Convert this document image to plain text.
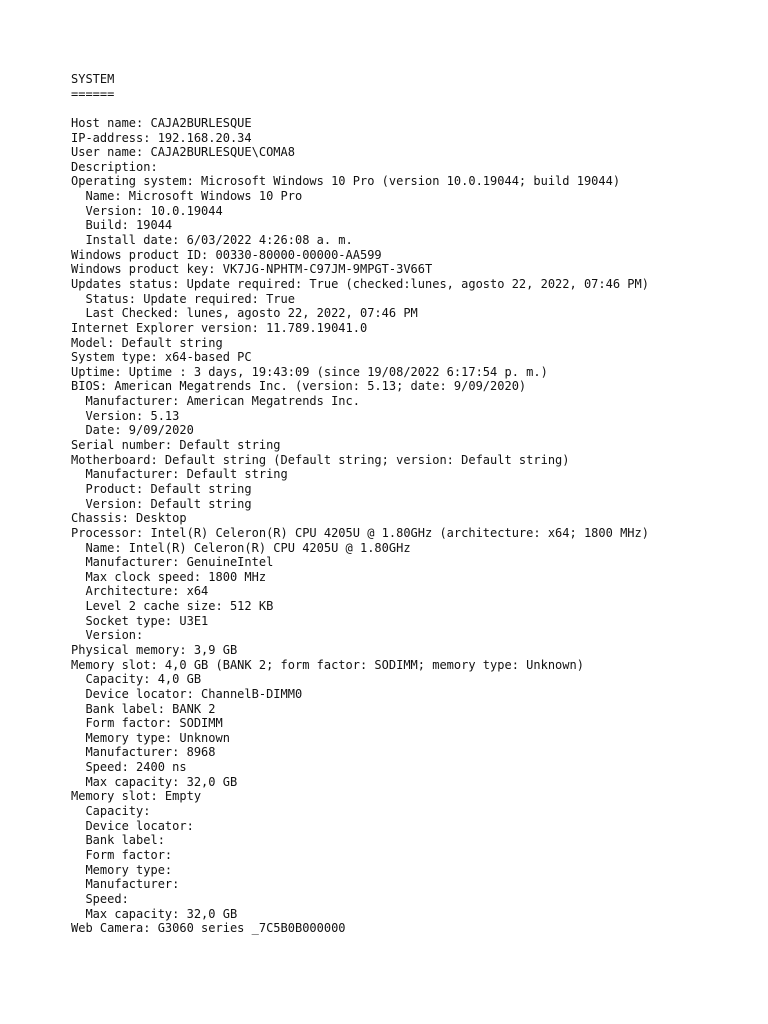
SYSTEM
======
Host name: CAJA2BURLESQUE
IP-address: 192.168.20.34
User name: CAJA2BURLESQUE\COMA8
Description:
Operating system: Microsoft Windows 10 Pro (version 10.0.19044; build 19044)
Name: Microsoft Windows 10 Pro
Version: 10.0.19044
Build: 19044
Install date: 6/03/2022 4:26:08 a. m.
Windows product ID: 00330-80000-00000-AA599
Windows product key: VK7JG-NPHTM-C97JM-9MPGT-3V66T
Updates status: Update required: True (checked:lunes, agosto 22, 2022, 07:46 PM)
Status: Update required: True
Last Checked: lunes, agosto 22, 2022, 07:46 PM
Internet Explorer version: 11.789.19041.0
Model: Default string
System type: x64-based PC
Uptime: Uptime : 3 days, 19:43:09 (since 19/08/2022 6:17:54 p. m.)
BIOS: American Megatrends Inc. (version: 5.13; date: 9/09/2020)
Manufacturer: American Megatrends Inc.
Version: 5.13
Date: 9/09/2020
Serial number: Default string
Motherboard: Default string (Default string; version: Default string)
Manufacturer: Default string
Product: Default string
Version: Default string
Chassis: Desktop
Processor: Intel(R) Celeron(R) CPU 4205U @ 1.80GHz (architecture: x64; 1800 MHz)
Name: Intel(R) Celeron(R) CPU 4205U @ 1.80GHz
Manufacturer: GenuineIntel
Max clock speed: 1800 MHz
Architecture: x64
Level 2 cache size: 512 KB
Socket type: U3E1
Version:
Physical memory: 3,9 GB
Memory slot: 4,0 GB (BANK 2; form factor: SODIMM; memory type: Unknown)
Capacity: 4,0 GB
Device locator: ChannelB-DIMM0
Bank label: BANK 2
Form factor: SODIMM
Memory type: Unknown
Manufacturer: 8968
Speed: 2400 ns
Max capacity: 32,0 GB
Memory slot: Empty
Capacity:
Device locator:
Bank label:
Form factor:
Memory type:
Manufacturer:
Speed:
Max capacity: 32,0 GB
Web Camera: G3060 series _7C5B0B000000
